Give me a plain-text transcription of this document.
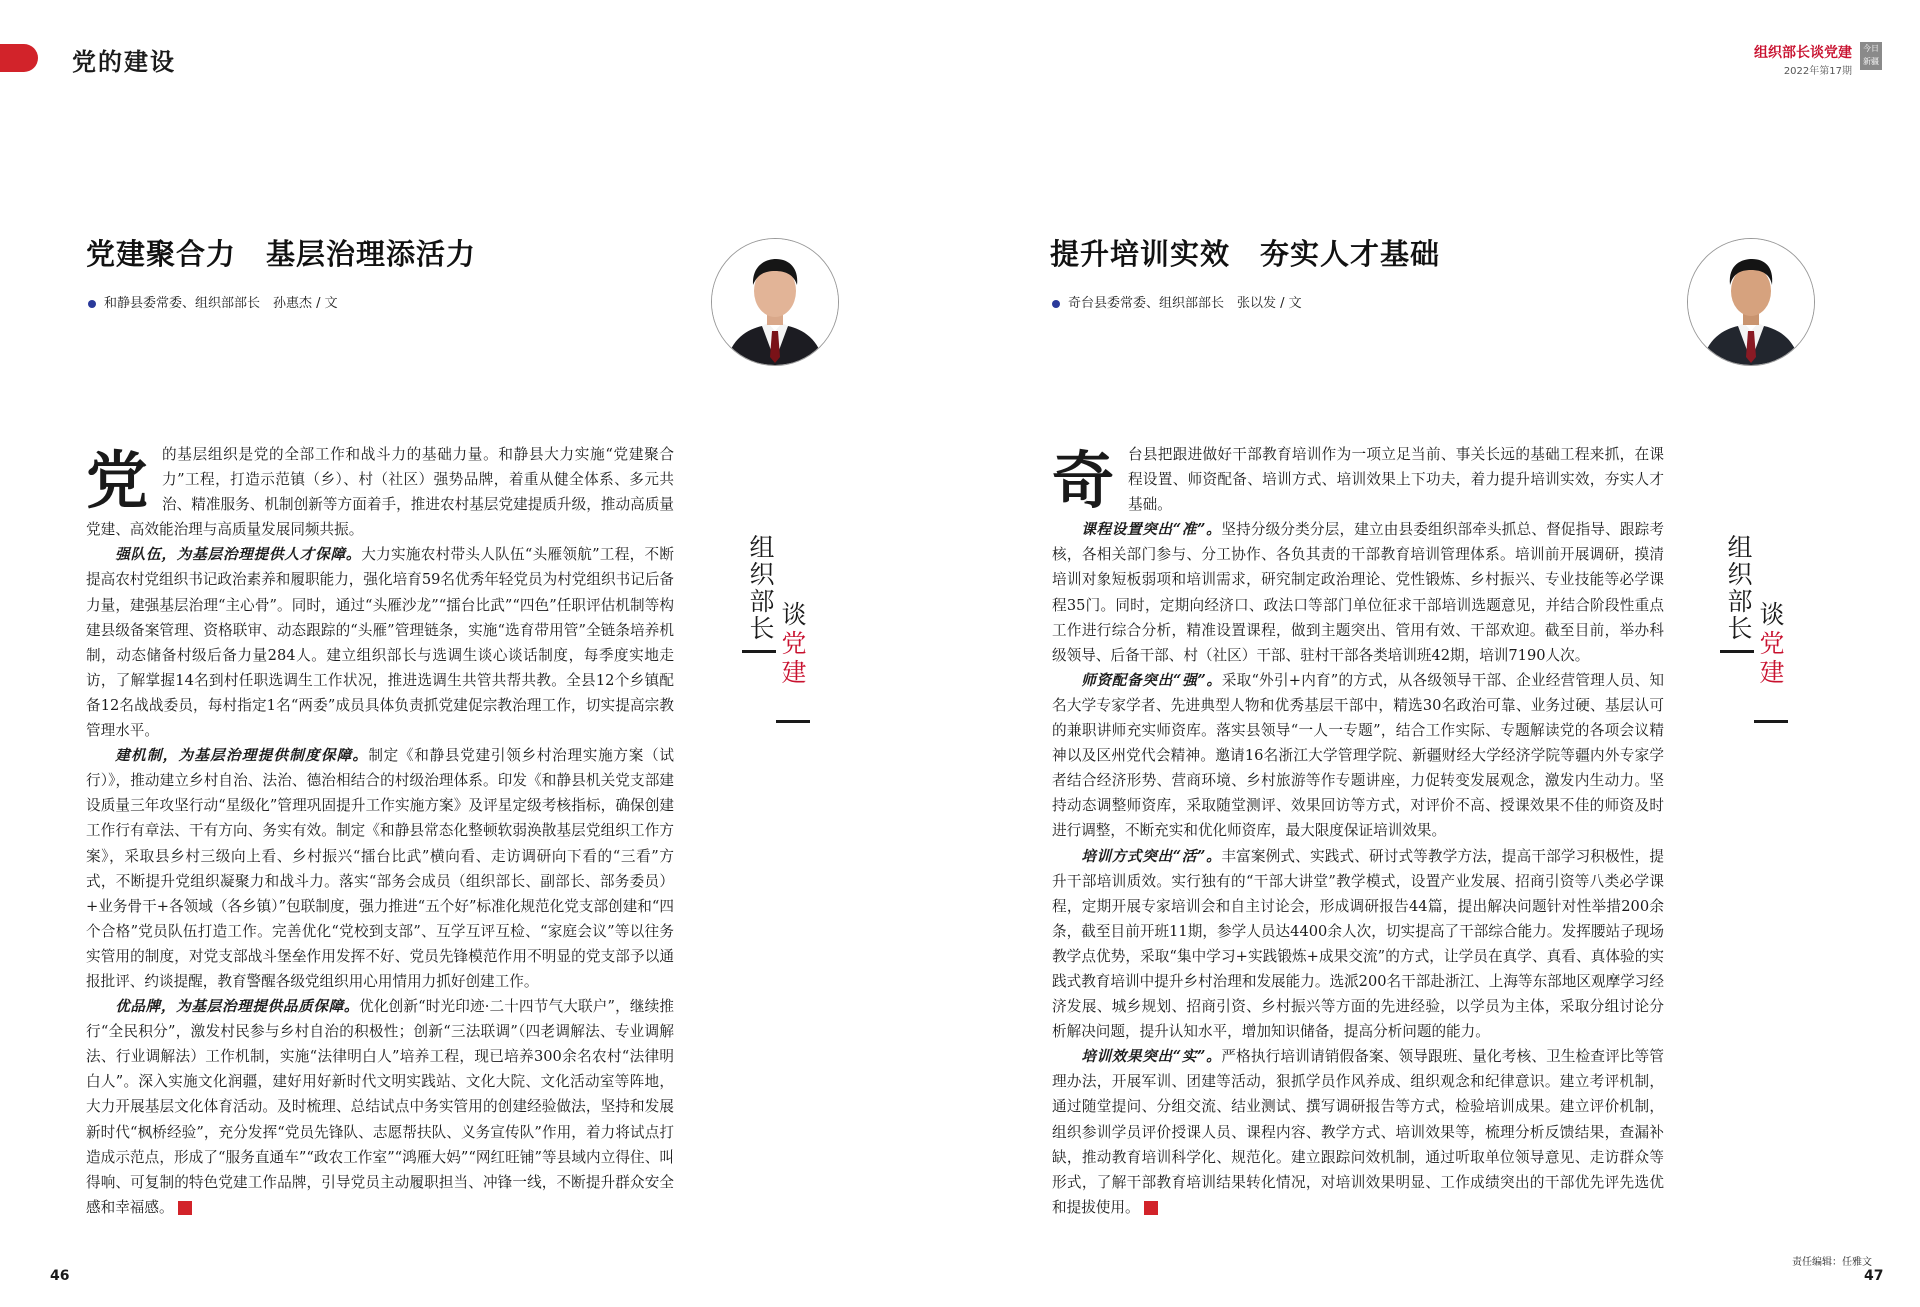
党的建设	组织部长谈党建
2022年第17期
今日新疆
党建聚合力　基层治理添活力
和静县委常委、组织部部长　孙惠杰 / 文

党的基层组织是党的全部工作和战斗力的基础力量。和静县大力实施“党建聚合力”工程，打造示范镇（乡）、村（社区）强势品牌，着重从健全体系、多元共治、精准服务、机制创新等方面着手，推进农村基层党建提质升级，推动高质量党建、高效能治理与高质量发展同频共振。

强队伍，为基层治理提供人才保障。大力实施农村带头人队伍“头雁领航”工程，不断提高农村党组织书记政治素养和履职能力，强化培育59名优秀年轻党员为村党组织书记后备力量，建强基层治理“主心骨”。同时，通过“头雁沙龙”“擂台比武”“四色”任职评估机制等构建县级备案管理、资格联审、动态跟踪的“头雁”管理链条，实施“选育带用管”全链条培养机制，动态储备村级后备力量284人。建立组织部长与选调生谈心谈话制度，每季度实地走访，了解掌握14名到村任职选调生工作状况，推进选调生共管共帮共教。全县12个乡镇配备12名战战委员，每村指定1名“两委”成员具体负责抓党建促宗教治理工作，切实提高宗教管理水平。

建机制，为基层治理提供制度保障。制定《和静县党建引领乡村治理实施方案（试行）》，推动建立乡村自治、法治、德治相结合的村级治理体系。印发《和静县机关党支部建设质量三年攻坚行动“星级化”管理巩固提升工作实施方案》及评星定级考核指标，确保创建工作行有章法、干有方向、务实有效。制定《和静县常态化整顿软弱涣散基层党组织工作方案》，采取县乡村三级向上看、乡村振兴“擂台比武”横向看、走访调研向下看的“三看”方式，不断提升党组织凝聚力和战斗力。落实“部务会成员（组织部长、副部长、部务委员）+业务骨干+各领域（各乡镇）”包联制度，强力推进“五个好”标准化规范化党支部创建和“四个合格”党员队伍打造工作。完善优化“党校到支部”、互学互评互检、“家庭会议”等以往务实管用的制度，对党支部战斗堡垒作用发挥不好、党员先锋模范作用不明显的党支部予以通报批评、约谈提醒，教育警醒各级党组织用心用情用力抓好创建工作。

优品牌，为基层治理提供品质保障。优化创新“时光印迹·二十四节气大联户”，继续推行“全民积分”，激发村民参与乡村自治的积极性；创新“三法联调”（四老调解法、专业调解法、行业调解法）工作机制，实施“法律明白人”培养工程，现已培养300余名农村“法律明白人”。深入实施文化润疆，建好用好新时代文明实践站、文化大院、文化活动室等阵地，大力开展基层文化体育活动。及时梳理、总结试点中务实管用的创建经验做法，坚持和发展新时代“枫桥经验”，充分发挥“党员先锋队、志愿帮扶队、义务宣传队”作用，着力将试点打造成示范点，形成了“服务直通车”“政农工作室”“鸿雁大妈”“网红旺铺”等县域内立得住、叫得响、可复制的特色党建工作品牌，引导党员主动履职担当、冲锋一线，不断提升群众安全感和幸福感。	J

组
织
部
长 谈
党
建
46
提升培训实效　夯实人才基础
奇台县委常委、组织部部长　张以发 / 文

奇台县把跟进做好干部教育培训作为一项立足当前、事关长远的基础工程来抓，在课程设置、师资配备、培训方式、培训效果上下功夫，着力提升培训实效，夯实人才基础。

课程设置突出“准”。坚持分级分类分层，建立由县委组织部牵头抓总、督促指导、跟踪考核，各相关部门参与、分工协作、各负其责的干部教育培训管理体系。培训前开展调研，摸清培训对象短板弱项和培训需求，研究制定政治理论、党性锻炼、乡村振兴、专业技能等必学课程35门。同时，定期向经济口、政法口等部门单位征求干部培训选题意见，并结合阶段性重点工作进行综合分析，精准设置课程，做到主题突出、管用有效、干部欢迎。截至目前，举办科级领导、后备干部、村（社区）干部、驻村干部各类培训班42期，培训7190人次。

师资配备突出“强”。采取“外引+内育”的方式，从各级领导干部、企业经营管理人员、知名大学专家学者、先进典型人物和优秀基层干部中，精选30名政治可靠、业务过硬、基层认可的兼职讲师充实师资库。落实县领导“一人一专题”，结合工作实际、专题解读党的各项会议精神以及区州党代会精神。邀请16名浙江大学管理学院、新疆财经大学经济学院等疆内外专家学者结合经济形势、营商环境、乡村旅游等作专题讲座，力促转变发展观念，激发内生动力。坚持动态调整师资库，采取随堂测评、效果回访等方式，对评价不高、授课效果不佳的师资及时进行调整，不断充实和优化师资库，最大限度保证培训效果。

培训方式突出“活”。丰富案例式、实践式、研讨式等教学方法，提高干部学习积极性，提升干部培训质效。实行独有的“干部大讲堂”教学模式，设置产业发展、招商引资等八类必学课程，定期开展专家培训会和自主讨论会，形成调研报告44篇，提出解决问题针对性举措200余条，截至目前开班11期，参学人员达4400余人次，切实提高了干部综合能力。发挥腰站子现场教学点优势，采取“集中学习+实践锻炼+成果交流”的方式，让学员在真学、真看、真体验的实践式教育培训中提升乡村治理和发展能力。选派200名干部赴浙江、上海等东部地区观摩学习经济发展、城乡规划、招商引资、乡村振兴等方面的先进经验，以学员为主体，采取分组讨论分析解决问题，提升认知水平，增加知识储备，提高分析问题的能力。

培训效果突出“实”。严格执行培训请销假备案、领导跟班、量化考核、卫生检查评比等管理办法，开展军训、团建等活动，狠抓学员作风养成、组织观念和纪律意识。建立考评机制，通过随堂提问、分组交流、结业测试、撰写调研报告等方式，检验培训成果。建立评价机制，组织参训学员评价授课人员、课程内容、教学方式、培训效果等，梳理分析反馈结果，查漏补缺，推动教育培训科学化、规范化。建立跟踪问效机制，通过听取单位领导意见、走访群众等形式，了解干部教育培训结果转化情况，对培训效果明显、工作成绩突出的干部优先评先选优和提拔使用。	J

组
织
部
长 谈
党
建
责任编辑：任雅文
47
